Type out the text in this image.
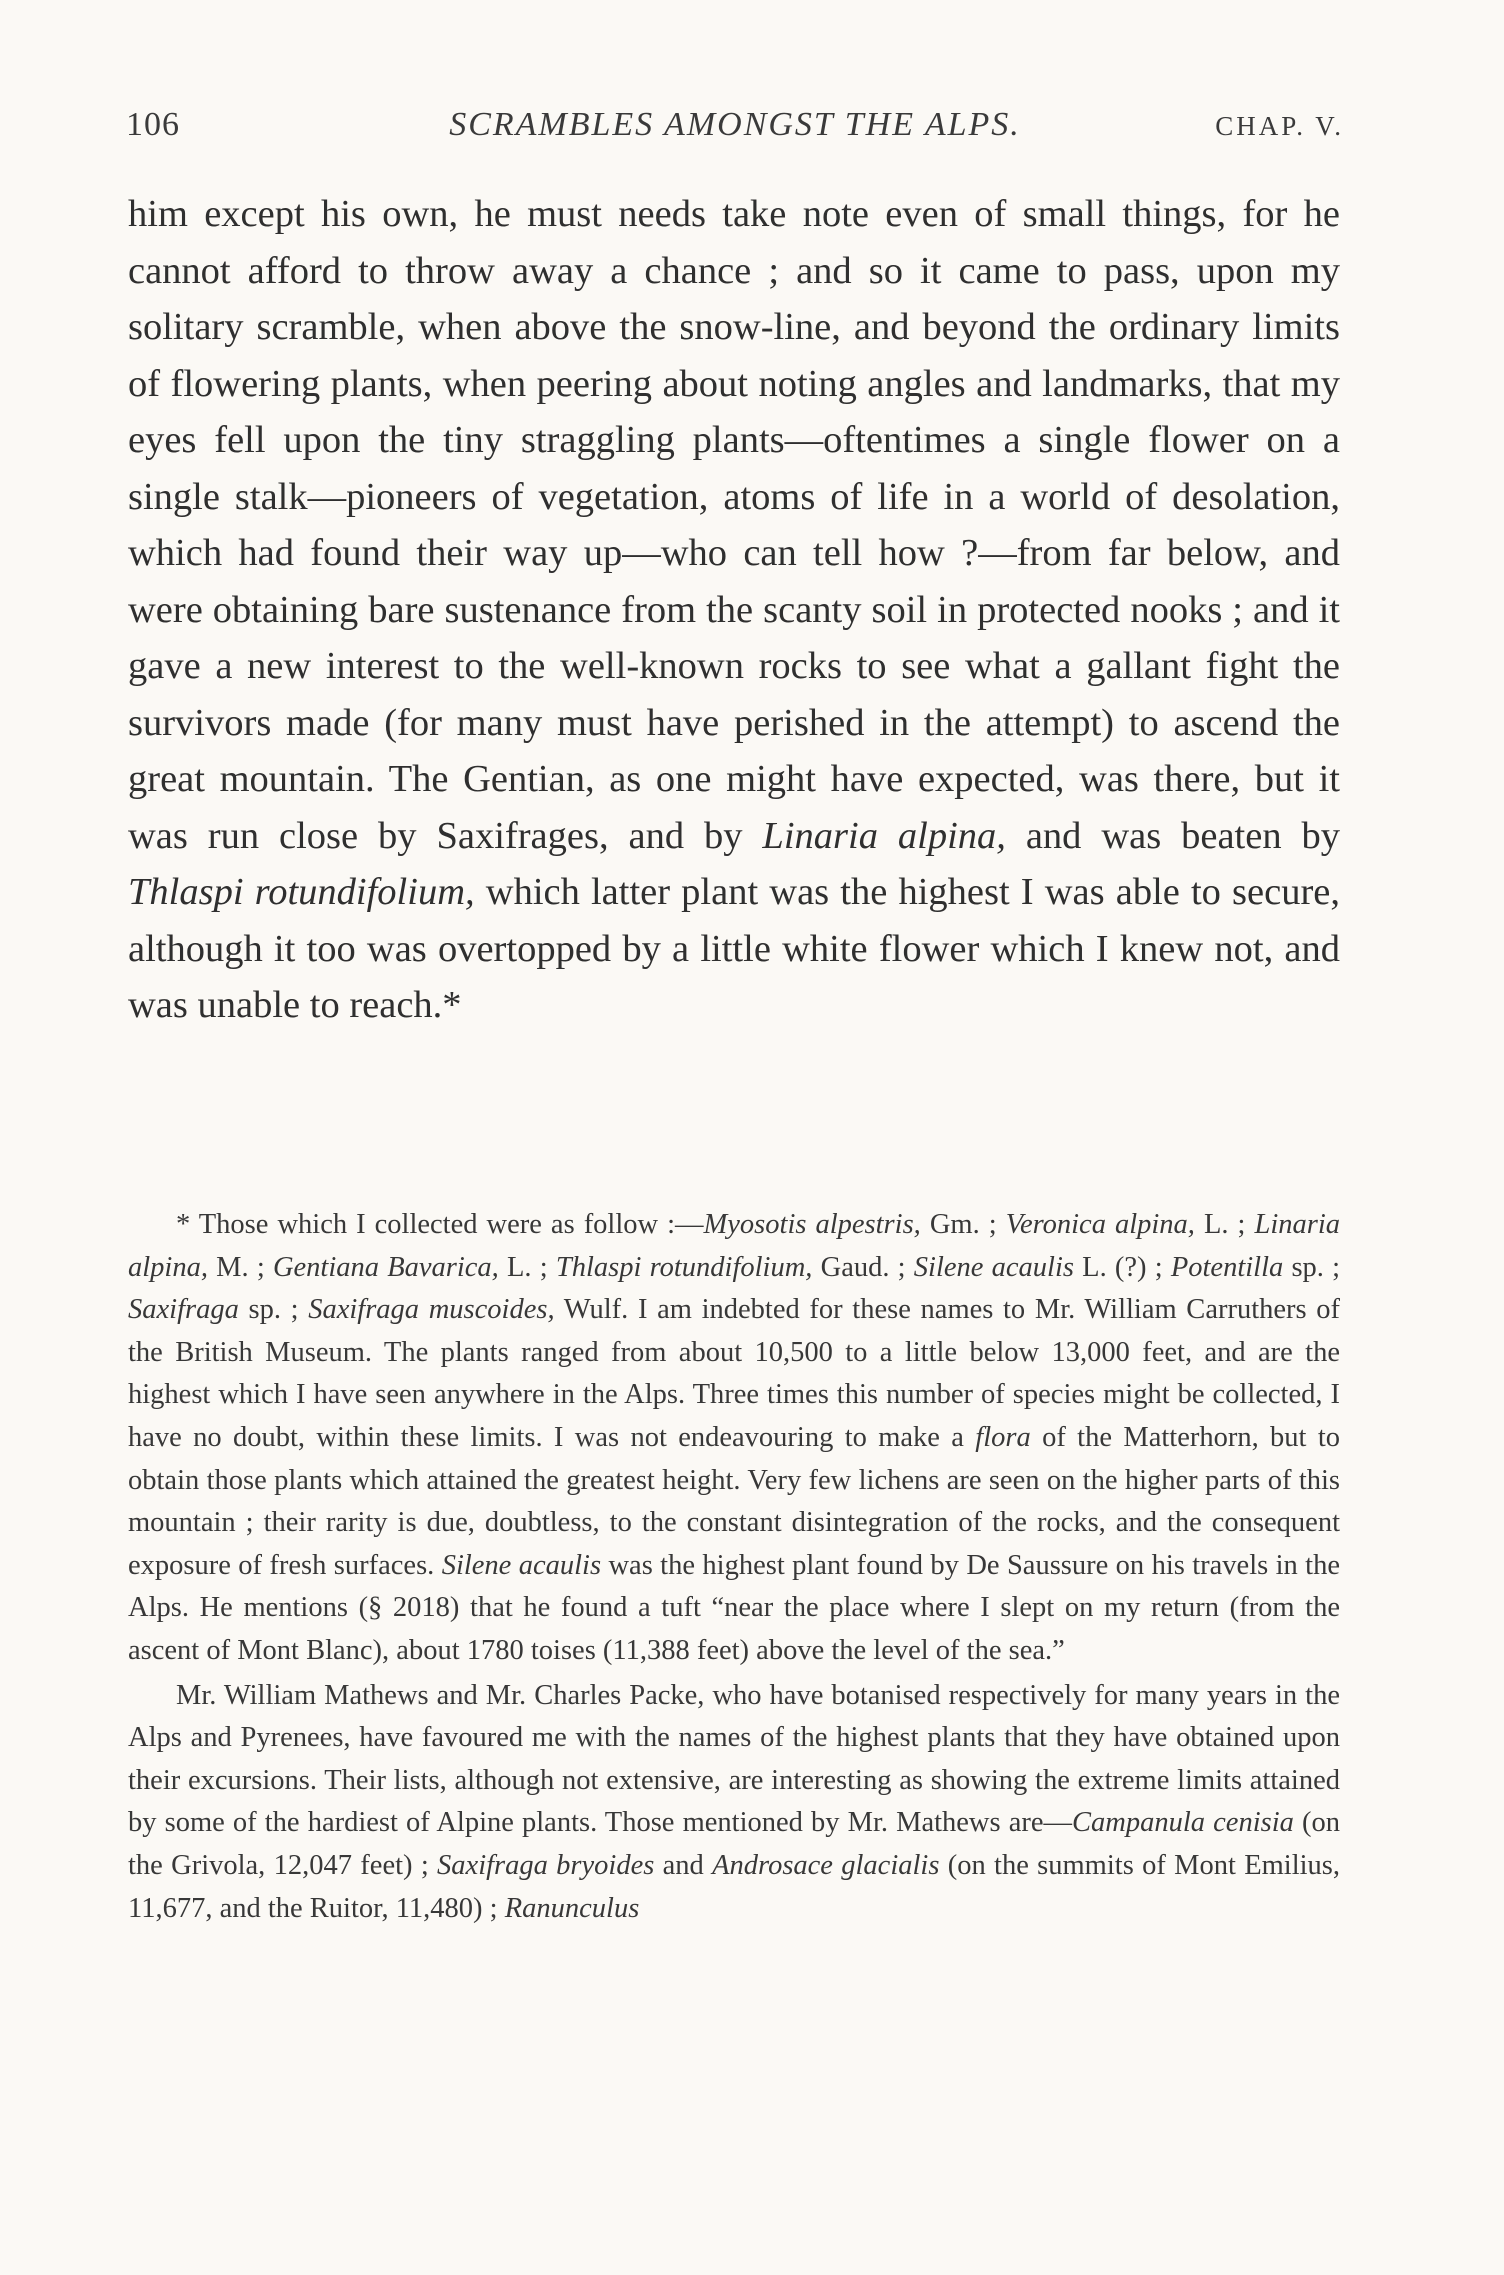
106	SCRAMBLES AMONGST THE ALPS.	CHAP. V.

him except his own, he must needs take note even of small things, for he cannot afford to throw away a chance ; and so it came to pass, upon my solitary scramble, when above the snow-line, and beyond the ordinary limits of flowering plants, when peering about noting angles and landmarks, that my eyes fell upon the tiny straggling plants—oftentimes a single flower on a single stalk—pioneers of vegetation, atoms of life in a world of desolation, which had found their way up—who can tell how ?—from far below, and were obtaining bare sustenance from the scanty soil in protected nooks ; and it gave a new interest to the well-known rocks to see what a gallant fight the survivors made (for many must have perished in the attempt) to ascend the great mountain. The Gentian, as one might have expected, was there, but it was run close by Saxifrages, and by Linaria alpina, and was beaten by Thlaspi rotundifolium, which latter plant was the highest I was able to secure, although it too was overtopped by a little white flower which I knew not, and was unable to reach.*

* Those which I collected were as follow :—Myosotis alpestris, Gm. ; Veronica alpina, L. ; Linaria alpina, M. ; Gentiana Bavarica, L. ; Thlaspi rotundifolium, Gaud. ; Silene acaulis L. (?) ; Potentilla sp. ; Saxifraga sp. ; Saxifraga muscoides, Wulf. I am indebted for these names to Mr. William Carruthers of the British Museum. The plants ranged from about 10,500 to a little below 13,000 feet, and are the highest which I have seen anywhere in the Alps. Three times this number of species might be collected, I have no doubt, within these limits. I was not endeavouring to make a flora of the Matterhorn, but to obtain those plants which attained the greatest height. Very few lichens are seen on the higher parts of this mountain ; their rarity is due, doubtless, to the constant disintegration of the rocks, and the consequent exposure of fresh surfaces. Silene acaulis was the highest plant found by De Saussure on his travels in the Alps. He mentions (§ 2018) that he found a tuft “near the place where I slept on my return (from the ascent of Mont Blanc), about 1780 toises (11,388 feet) above the level of the sea.”

Mr. William Mathews and Mr. Charles Packe, who have botanised respectively for many years in the Alps and Pyrenees, have favoured me with the names of the highest plants that they have obtained upon their excursions. Their lists, although not extensive, are interesting as showing the extreme limits attained by some of the hardiest of Alpine plants. Those mentioned by Mr. Mathews are—Campanula cenisia (on the Grivola, 12,047 feet) ; Saxifraga bryoides and Androsace glacialis (on the summits of Mont Emilius, 11,677, and the Ruitor, 11,480) ; Ranunculus
